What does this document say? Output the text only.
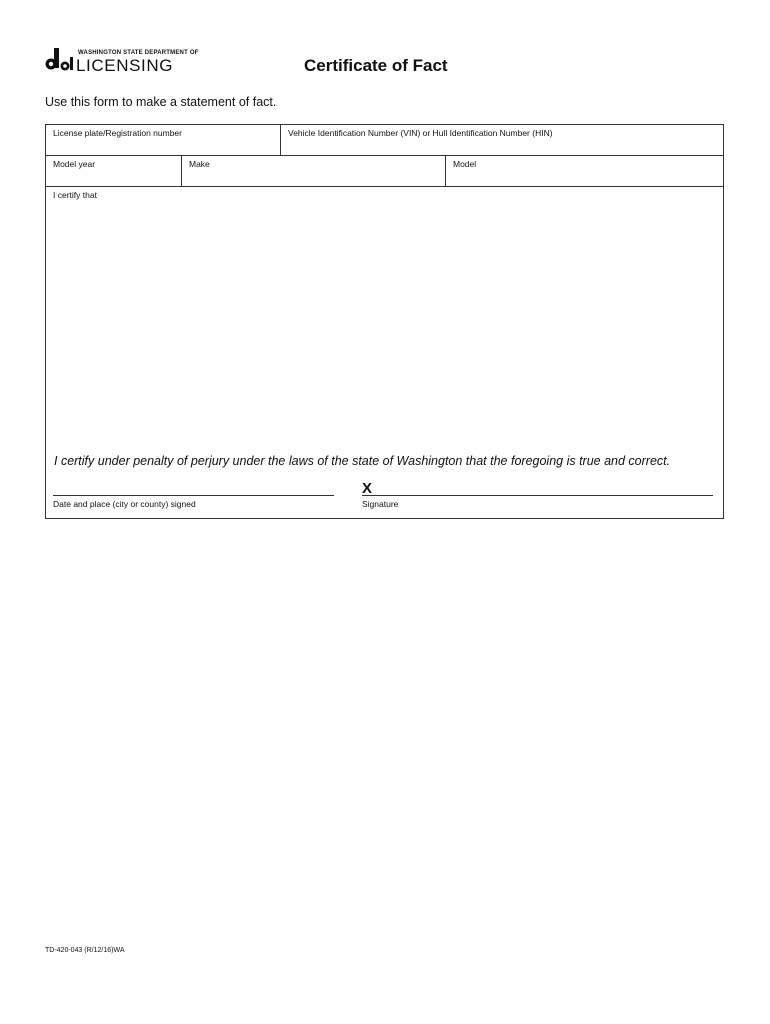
WASHINGTON STATE DEPARTMENT OF
LICENSING	Certificate of Fact
Use this form to make a statement of fact.
License plate/Registration number	Vehicle Identification Number (VIN) or Hull Identification Number (HIN)
Model year	Make	Model
I certify that
I certify under penalty of perjury under the laws of the state of Washington that the foregoing is true and correct.
Date and place (city or county) signed
X
Signature
TD-420-043 (R/12/16)WA
